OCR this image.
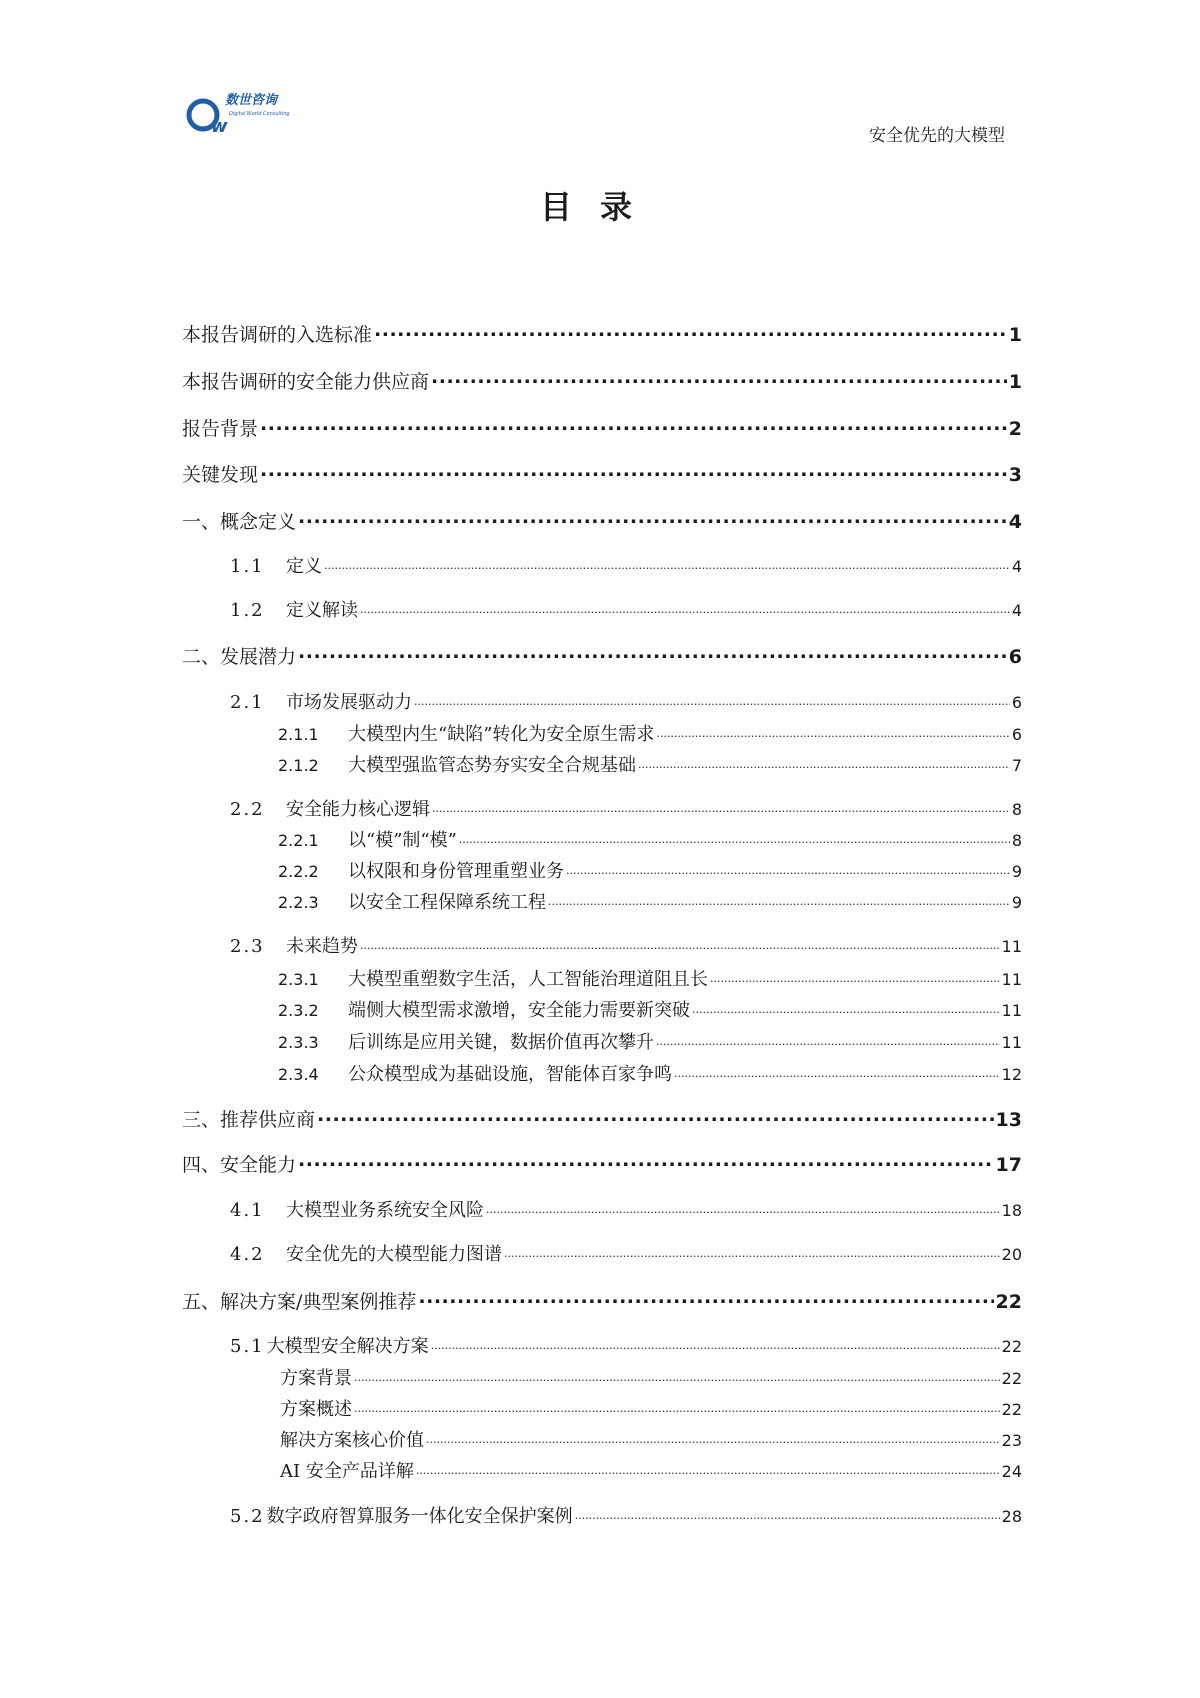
w
数世咨询
Digital World Consulting
安全优先的大模型
目录
本报告调研的入选标准 .....	1
本报告调研的安全能力供应商 .....	1
报告背景 .....	2
关键发现 .....	3
一、概念定义 .....	4
1.1	定义 .....	4
1.2	定义解读 .....	4
二、发展潜力 .....	6
2.1	市场发展驱动力 .....	6
2.1.1	大模型内生“缺陷”转化为安全原生需求 .....	6
2.1.2	大模型强监管态势夯实安全合规基础 .....	7
2.2	安全能力核心逻辑 .....	8
2.2.1	以“模”制“模” .....	8
2.2.2	以权限和身份管理重塑业务 .....	9
2.2.3	以安全工程保障系统工程 .....	9
2.3	未来趋势 .....	11
2.3.1	大模型重塑数字生活，人工智能治理道阻且长 .....	11
2.3.2	端侧大模型需求激增，安全能力需要新突破 .....	11
2.3.3	后训练是应用关键，数据价值再次攀升 .....	11
2.3.4	公众模型成为基础设施，智能体百家争鸣 .....	12
三、推荐供应商 .....	13
四、安全能力 .....	17
4.1	大模型业务系统安全风险 .....	18
4.2	安全优先的大模型能力图谱 .....	20
五、解决方案/典型案例推荐 .....	22
5.1 大模型安全解决方案 .....	22
方案背景 .....	22
方案概述 .....	22
解决方案核心价值 .....	23
AI 安全产品详解 .....	24
5.2 数字政府智算服务一体化安全保护案例 .....	28
